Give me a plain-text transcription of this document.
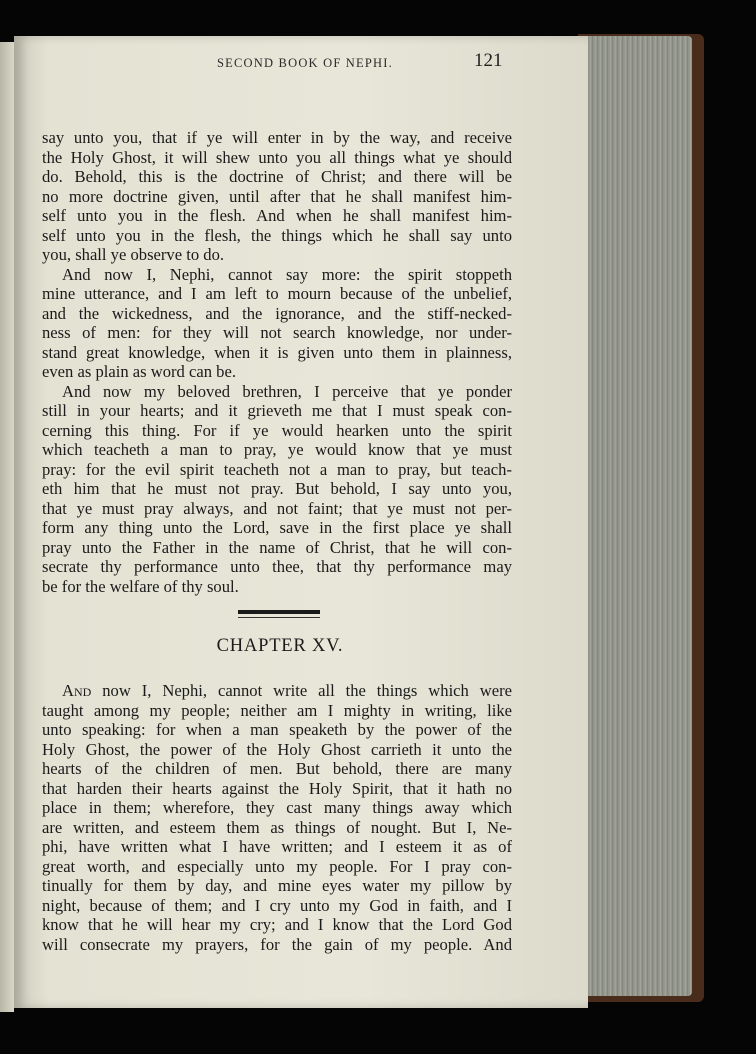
SECOND BOOK OF NEPHI.	121
say unto you, that if ye will enter in by the way, and receive
the Holy Ghost, it will shew unto you all things what ye should
do. Behold, this is the doctrine of Christ; and there will be
no more doctrine given, until after that he shall manifest him-
self unto you in the flesh. And when he shall manifest him-
self unto you in the flesh, the things which he shall say unto
you, shall ye observe to do.
And now I, Nephi, cannot say more: the spirit stoppeth
mine utterance, and I am left to mourn because of the unbelief,
and the wickedness, and the ignorance, and the stiff-necked-
ness of men: for they will not search knowledge, nor under-
stand great knowledge, when it is given unto them in plainness,
even as plain as word can be.
And now my beloved brethren, I perceive that ye ponder
still in your hearts; and it grieveth me that I must speak con-
cerning this thing. For if ye would hearken unto the spirit
which teacheth a man to pray, ye would know that ye must
pray: for the evil spirit teacheth not a man to pray, but teach-
eth him that he must not pray. But behold, I say unto you,
that ye must pray always, and not faint; that ye must not per-
form any thing unto the Lord, save in the first place ye shall
pray unto the Father in the name of Christ, that he will con-
secrate thy performance unto thee, that thy performance may
be for the welfare of thy soul.
CHAPTER XV.
And now I, Nephi, cannot write all the things which were
taught among my people; neither am I mighty in writing, like
unto speaking: for when a man speaketh by the power of the
Holy Ghost, the power of the Holy Ghost carrieth it unto the
hearts of the children of men. But behold, there are many
that harden their hearts against the Holy Spirit, that it hath no
place in them; wherefore, they cast many things away which
are written, and esteem them as things of nought. But I, Ne-
phi, have written what I have written; and I esteem it as of
great worth, and especially unto my people. For I pray con-
tinually for them by day, and mine eyes water my pillow by
night, because of them; and I cry unto my God in faith, and I
know that he will hear my cry; and I know that the Lord God
will consecrate my prayers, for the gain of my people. And
